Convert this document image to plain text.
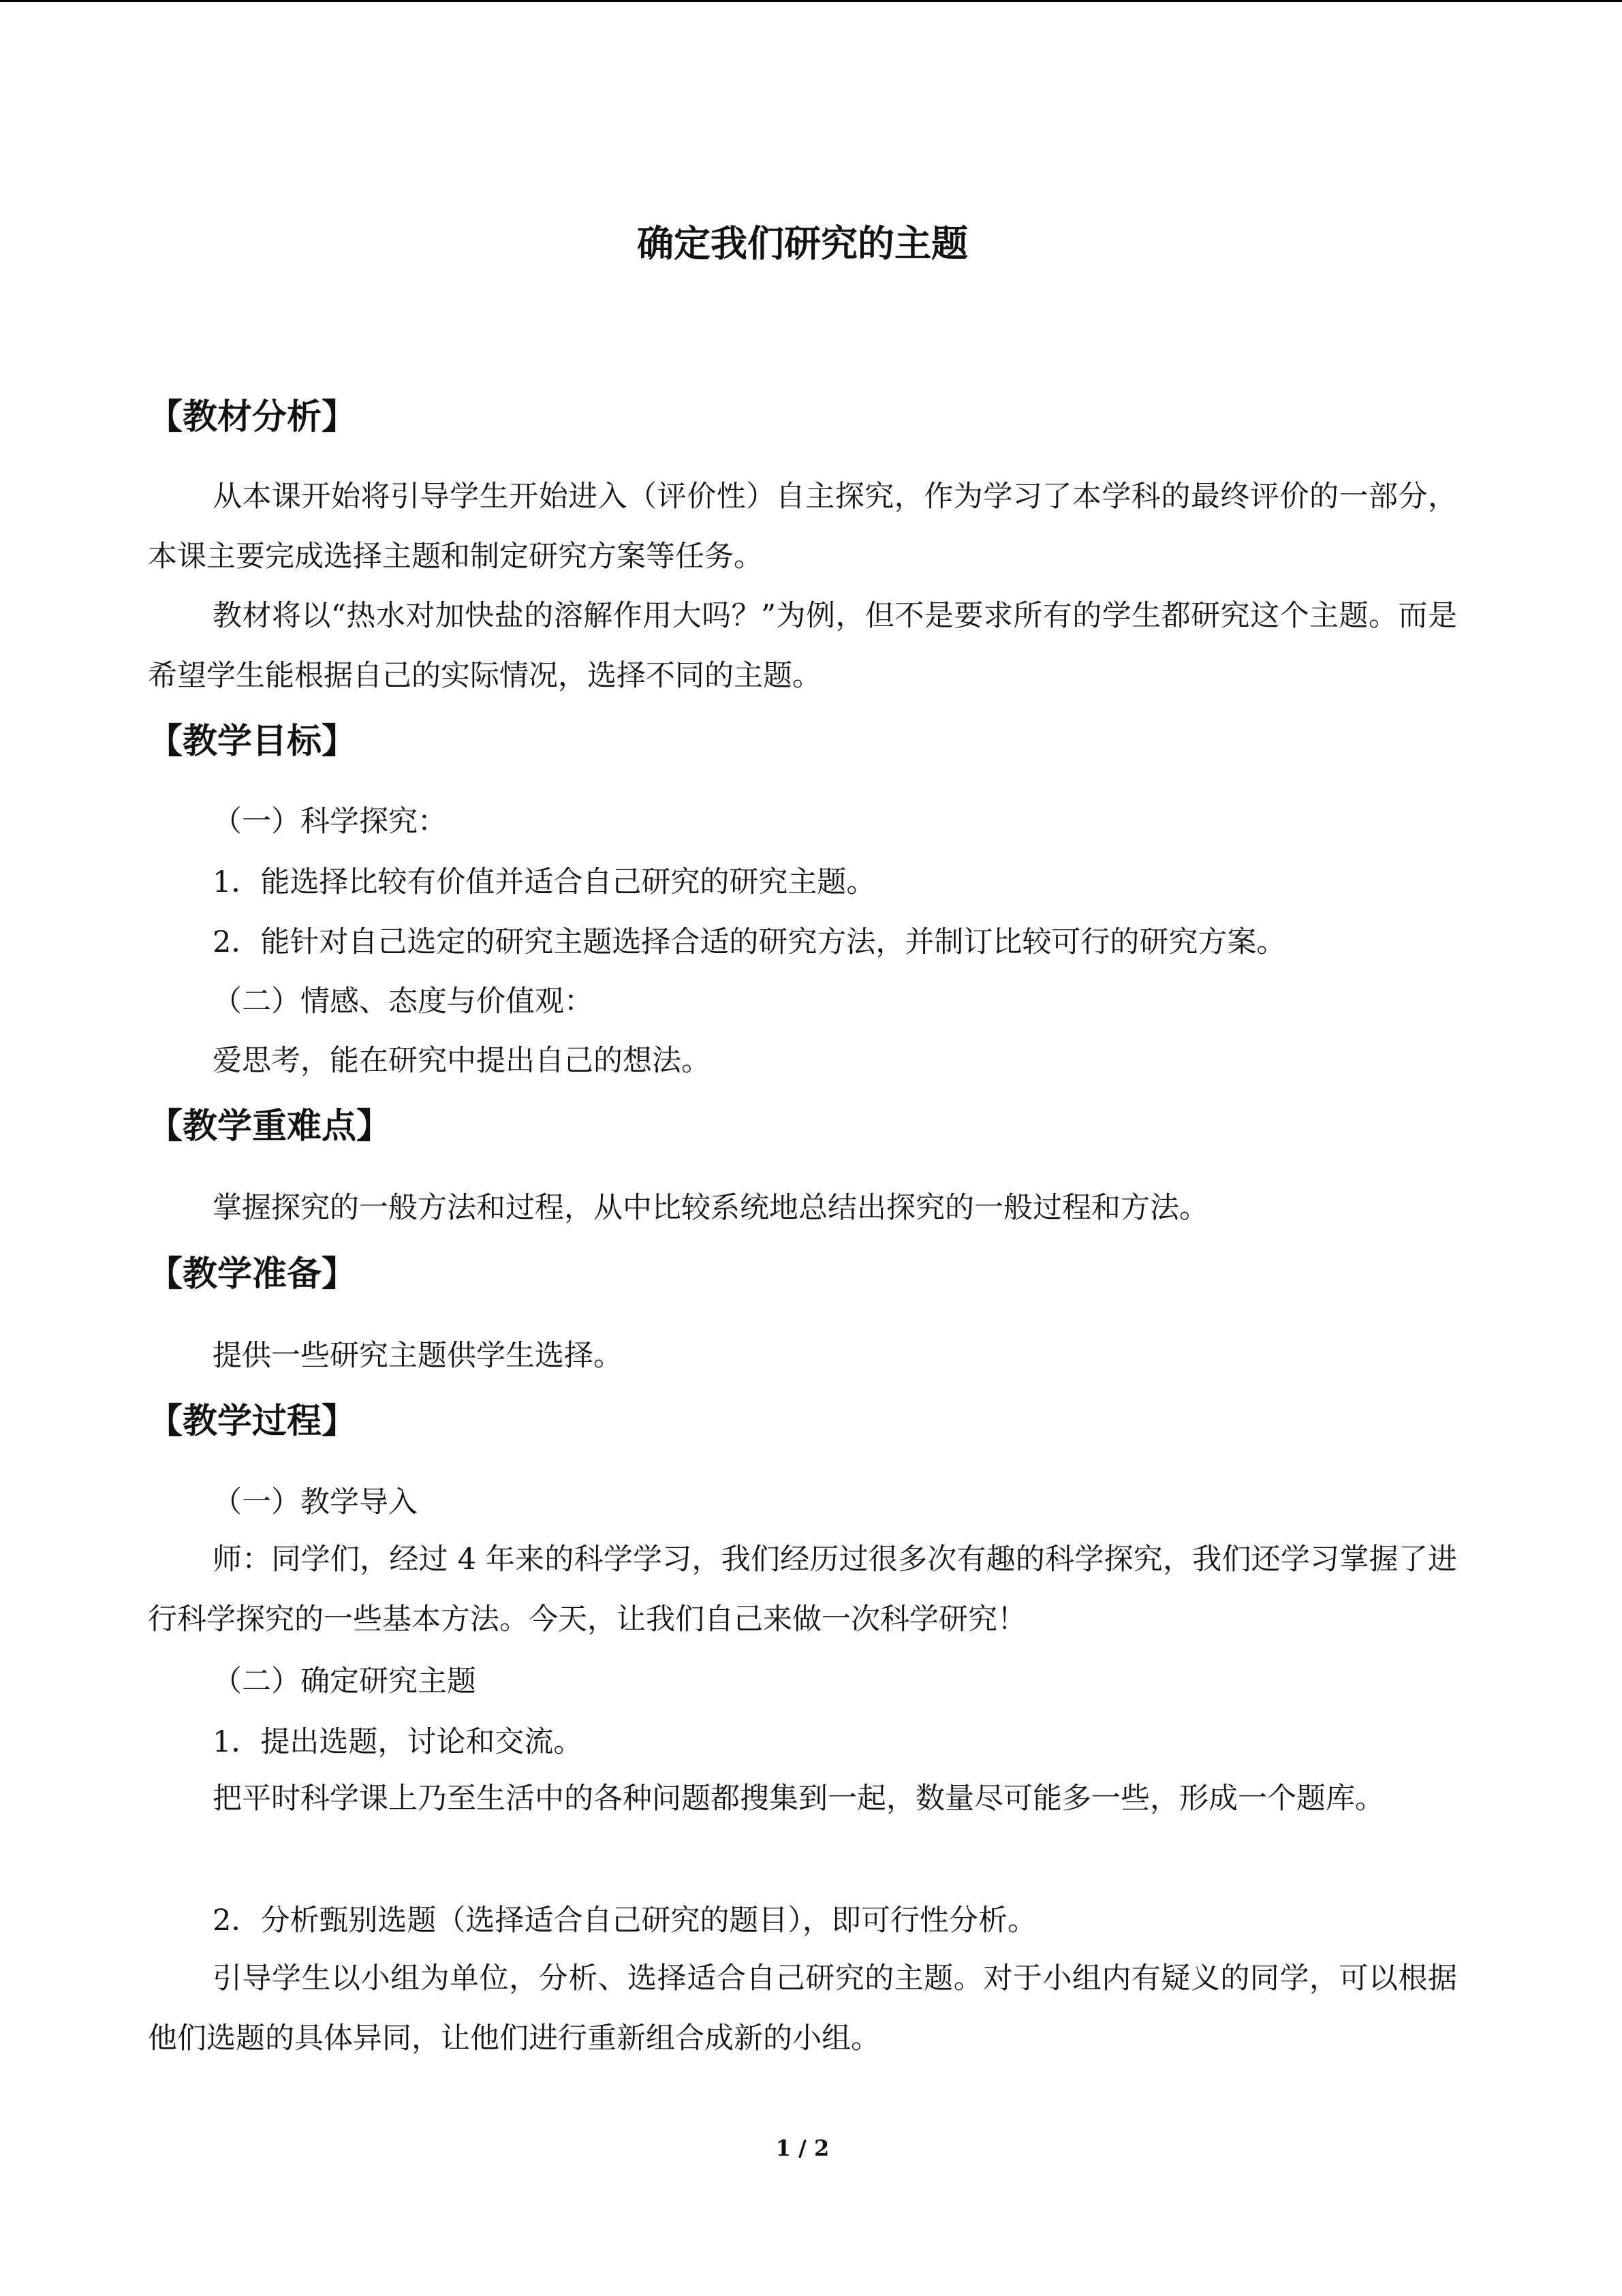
确定我们研究的主题
【教材分析】

从本课开始将引导学生开始进入（评价性）自主探究，作为学习了本学科的最终评价的一部分，本课主要完成选择主题和制定研究方案等任务。

教材将以“热水对加快盐的溶解作用大吗？”为例，但不是要求所有的学生都研究这个主题。而是希望学生能根据自己的实际情况，选择不同的主题。

【教学目标】
（一）科学探究：
1．能选择比较有价值并适合自己研究的研究主题。
2．能针对自己选定的研究主题选择合适的研究方法，并制订比较可行的研究方案。
（二）情感、态度与价值观：
爱思考，能在研究中提出自己的想法。
【教学重难点】
掌握探究的一般方法和过程，从中比较系统地总结出探究的一般过程和方法。
【教学准备】
提供一些研究主题供学生选择。
【教学过程】
（一）教学导入

师：同学们，经过 4 年来的科学学习，我们经历过很多次有趣的科学探究，我们还学习掌握了进行科学探究的一些基本方法。今天，让我们自己来做一次科学研究！

（二）确定研究主题
1．提出选题，讨论和交流。

把平时科学课上乃至生活中的各种问题都搜集到一起，数量尽可能多一些，形成一个题库。

2．分析甄别选题（选择适合自己研究的题目），即可行性分析。

引导学生以小组为单位，分析、选择适合自己研究的主题。对于小组内有疑义的同学，可以根据他们选题的具体异同，让他们进行重新组合成新的小组。

1 / 2
